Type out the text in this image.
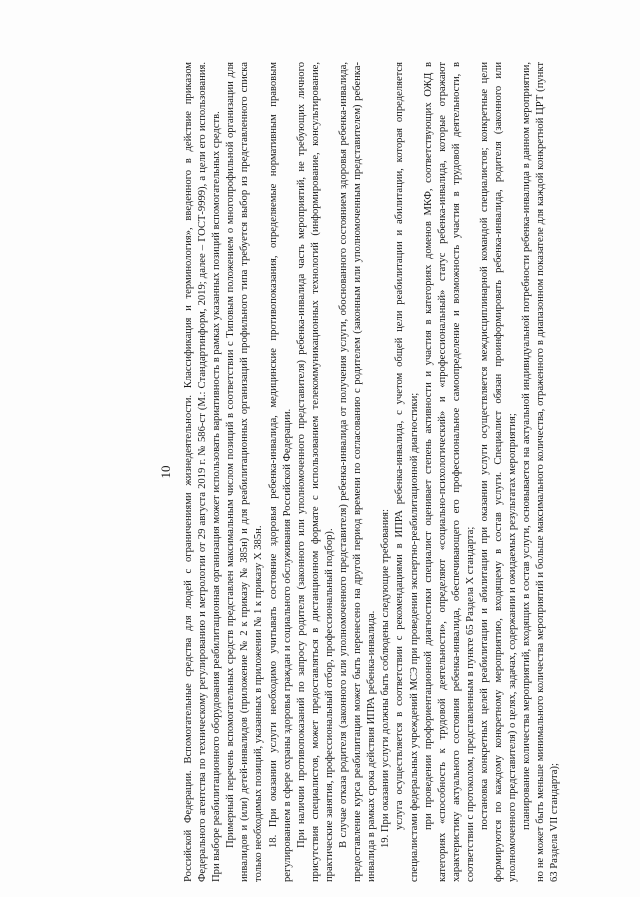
10 Российской Федерации. Вспомогательные средства для людей с ограничениями жизнедеятельности. Классификация и терминология», введенного в действие приказом Федерального агентства по техническому регулированию и метрологии от 29 августа 2019 г. № 586-ст (М.: Стандартинформ, 2019; далее – ГОСТ-9999), а цели его использования. При выборе реабилитационного оборудования реабилитационная организация может использовать вариативность в рамках указанных позиций вспомогательных средств. Примерный перечень вспомогательных средств представлен максимальным числом позиций в соответствии с Типовым положением о многопрофильной организации для инвалидов и (или) детей-инвалидов (приложение № 2 к приказу № 385н) и для реабилитационных организаций профильного типа требуется выбор из представленного списка только необходимых позиций, указанных в приложении № 1 к приказу Х 385н. 18. При оказании услуги необходимо учитывать состояние здоровья ребенка-инвалида, медицинские противопоказания, определяемые нормативным правовым регулированием в сфере охраны здоровья граждан и социального обслуживания Российской Федерации. При наличии противопоказаний по запросу родителя (законного или уполномоченного представителя) ребенка-инвалида часть мероприятий, не требующих личного присутствия специалистов, может предоставляться в дистанционном формате с использованием телекоммуникационных технологий (информирование, консультирование, практические занятия, профессиональный отбор, профессиональный подбор). В случае отказа родителя (законного или уполномоченного представителя) ребенка-инвалида от получения услуги, обоснованного состоянием здоровья ребенка-инвалида, предоставление курса реабилитации может быть перенесено на другой период времени по согласованию с родителем (законным или уполномоченным представителем) ребенка-инвалида в рамках срока действия ИПРА ребенка-инвалида. 19. При оказании услуги должны быть соблюдены следующие требования: услуга осуществляется в соответствии с рекомендациями в ИПРА ребенка-инвалида, с учетом общей цели реабилитации и абилитации, которая определяется специалистами федеральных учреждений МСЭ при проведении экспертно-реабилитационной диагностики; при проведении профориентационной диагностики специалист оценивает степень активности и участия в категориях доменов МКФ, соответствующих ОЖД в категориях «способность к трудовой деятельности», определяют «социально-психологический» и «профессиональный» статус ребенка-инвалида, которые отражают характеристику актуального состояния ребенка-инвалида, обеспечивающего его профессиональное самоопределение и возможность участия в трудовой деятельности, в соответствии с протоколом, представленным в пункте 65 Раздела Х стандарта; постановка конкретных целей реабилитации и абилитации при оказании услуги осуществляется междисциплинарной командой специалистов; конкретные цели формируются по каждому конкретному мероприятию, входящему в состав услуги. Специалист обязан проинформировать ребенка-инвалида, родителя (законного или уполномоченного представителя) о целях, задачах, содержании и ожидаемых результатах мероприятия; планирование количества мероприятий, входящих в состав услуги, основывается на актуальной индивидуальной потребности ребенка-инвалида в данном мероприятии, но не может быть меньше минимального количества мероприятий и больше максимального количества, отраженного в диапазонном показателе для каждой конкретной ЦРТ (пункт 63 Раздела VII стандарта);
